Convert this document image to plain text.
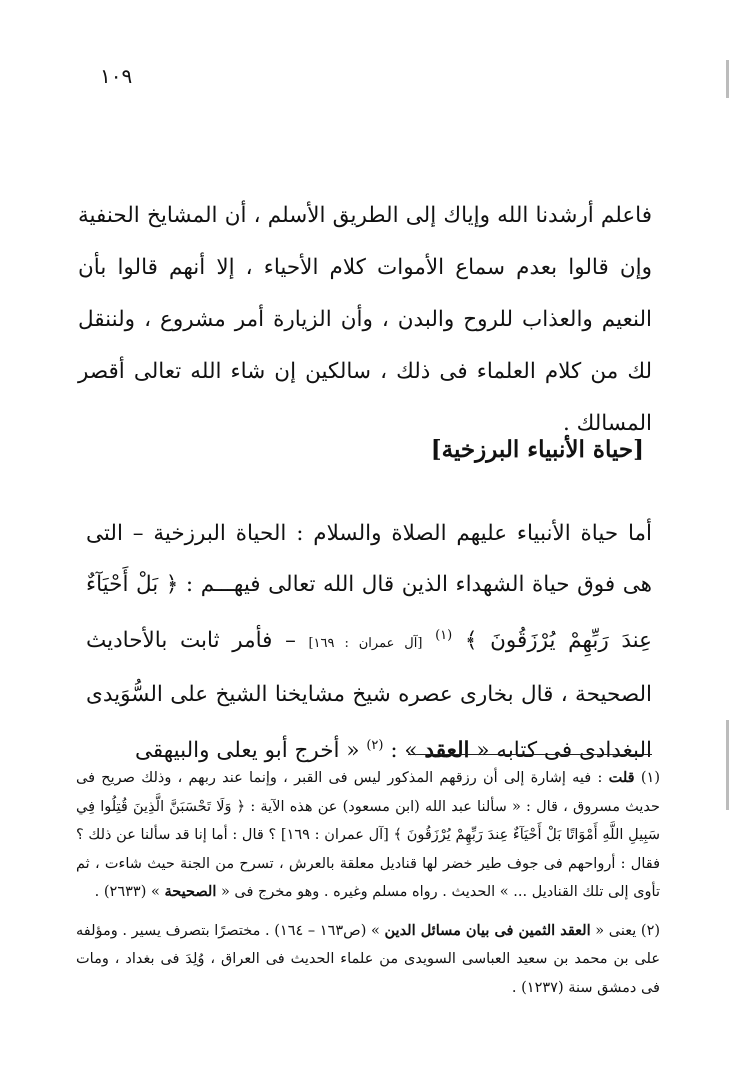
١٠٩

فاعلم أرشدنا الله وإياك إلى الطريق الأسلم ، أن المشايخ الحنفية وإن قالوا بعدم سماع الأموات كلام الأحياء ، إلا أنهم قالوا بأن النعيم والعذاب للروح والبدن ، وأن الزيارة أمر مشروع ، ولننقل لك من كلام العلماء فى ذلك ، سالكين إن شاء الله تعالى أقصر المسالك .

[حياة الأنبياء البرزخية]

أما حياة الأنبياء عليهم الصلاة والسلام : الحياة البرزخية – التى هى فوق حياة الشهداء الذين قال الله تعالى فيهـــم : ﴿ بَلْ أَحْيَآءٌ عِندَ رَبِّهِمْ يُرْزَقُونَ ﴾ $^{(١)}$ [آل عمران : ١٦٩] – فأمر ثابت بالأحاديث الصحيحة ، قال بخارى عصره شيخ مشايخنا الشيخ على السُّوَيدى البغدادى فى كتابه « العقد » : $^{(٢)}$ « أخرج أبو يعلى والبيهقى

(١) قلت : فيه إشارة إلى أن رزقهم المذكور ليس فى القبر ، وإنما عند ربهم ، وذلك صريح فى حديث مسروق ، قال : « سألنا عبد الله (ابن مسعود) عن هذه الآية : ﴿ وَلَا تَحْسَبَنَّ الَّذِينَ قُتِلُوا فِي سَبِيلِ اللَّهِ أَمْوَاتًا بَلْ أَحْيَآءٌ عِندَ رَبِّهِمْ يُرْزَقُونَ ﴾ [آل عمران : ١٦٩] ؟ قال : أما إنا قد سألنا عن ذلك ؟ فقال : أرواحهم فى جوف طير خضر لها قناديل معلقة بالعرش ، تسرح من الجنة حيث شاءت ، ثم تأوى إلى تلك القناديل ... » الحديث . رواه مسلم وغيره . وهو مخرج فى « الصحيحة » (٢٦٣٣) .

(٢) يعنى « العقد الثمين فى بيان مسائل الدين » (ص١٦٣ – ١٦٤) . مختصرًا بتصرف يسير . ومؤلفه على بن محمد بن سعيد العباسى السويدى من علماء الحديث فى العراق ، وُلِدَ فى بغداد ، ومات فى دمشق سنة (١٢٣٧) .
